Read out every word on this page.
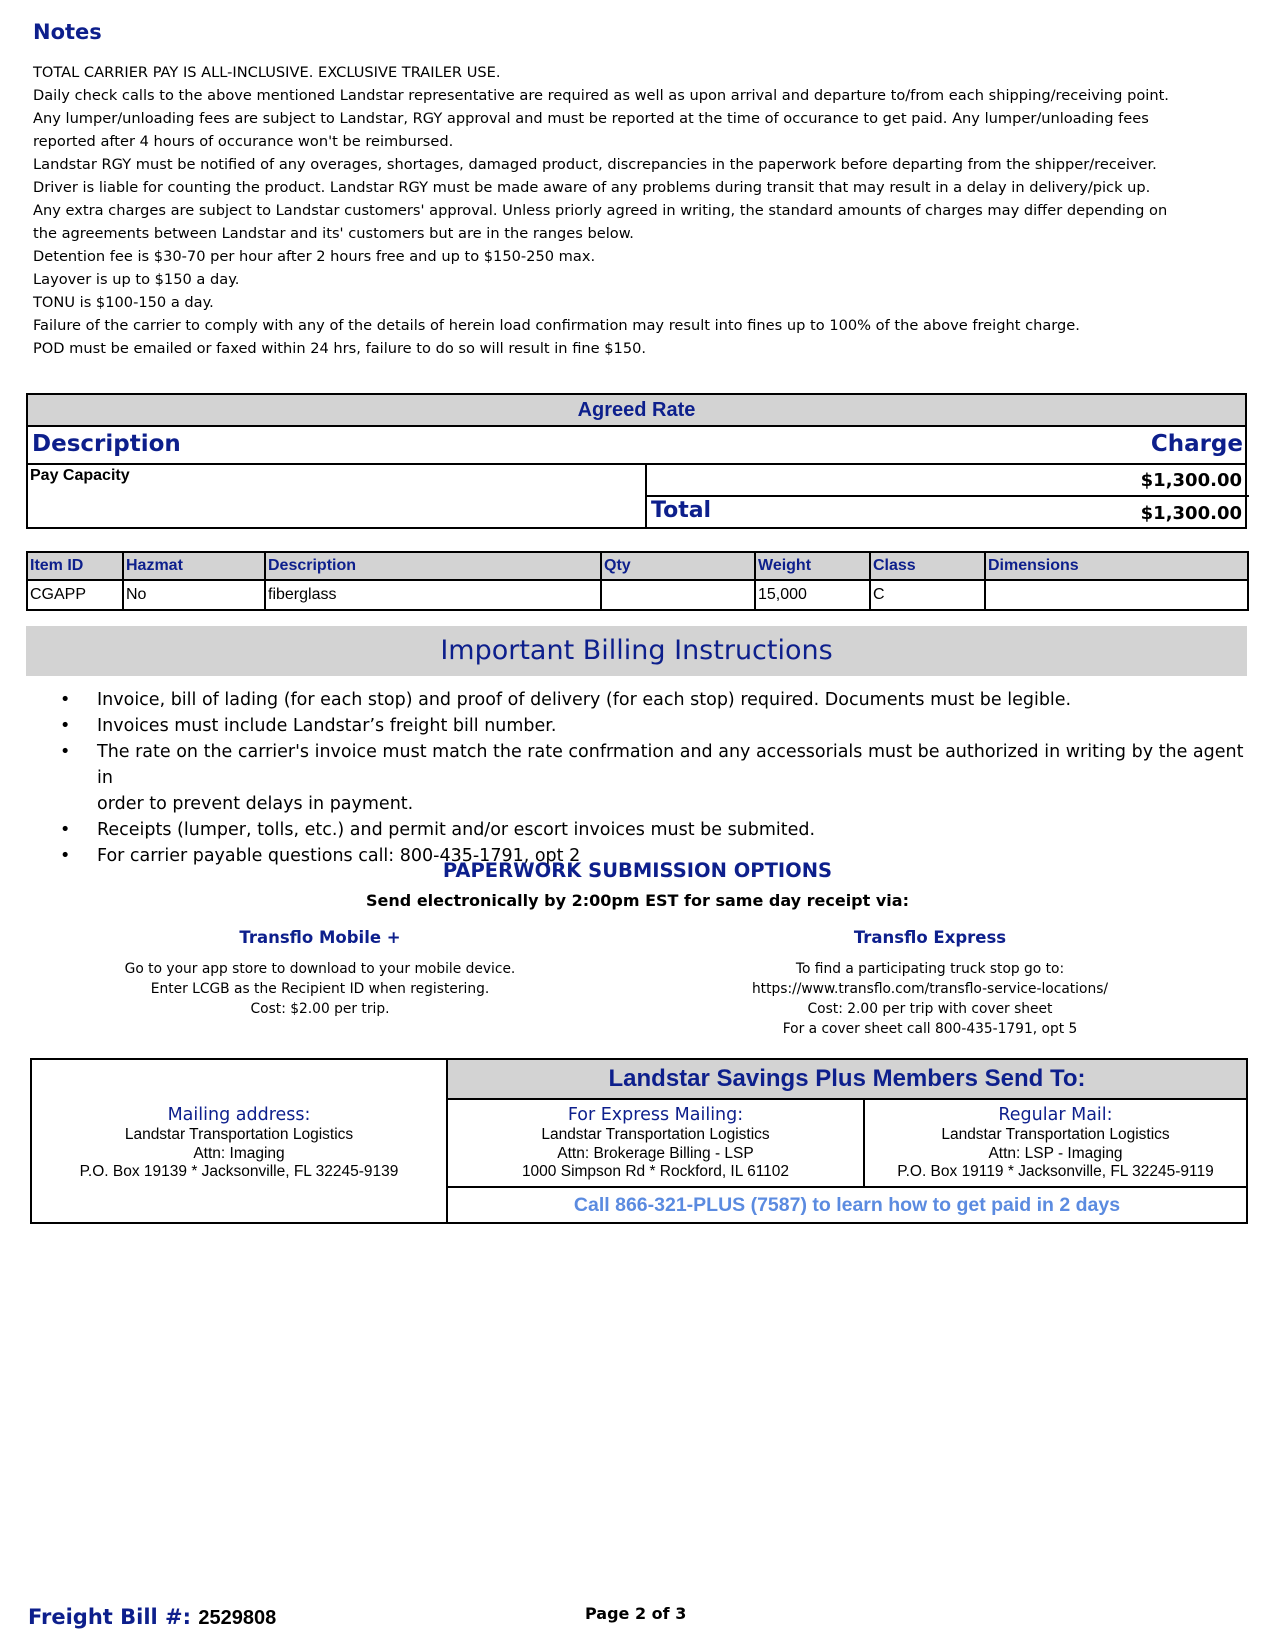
Notes
TOTAL CARRIER PAY IS ALL-INCLUSIVE. EXCLUSIVE TRAILER USE.
Daily check calls to the above mentioned Landstar representative are required as well as upon arrival and departure to/from each shipping/receiving point.
Any lumper/unloading fees are subject to Landstar, RGY approval and must be reported at the time of occurance to get paid. Any lumper/unloading fees
reported after 4 hours of occurance won't be reimbursed.
Landstar RGY must be notified of any overages, shortages, damaged product, discrepancies in the paperwork before departing from the shipper/receiver.
Driver is liable for counting the product. Landstar RGY must be made aware of any problems during transit that may result in a delay in delivery/pick up.
Any extra charges are subject to Landstar customers' approval. Unless priorly agreed in writing, the standard amounts of charges may differ depending on
the agreements between Landstar and its' customers but are in the ranges below.
Detention fee is $30-70 per hour after 2 hours free and up to $150-250 max.
Layover is up to $150 a day.
TONU is $100-150 a day.
Failure of the carrier to comply with any of the details of herein load confirmation may result into fines up to 100% of the above freight charge.
POD must be emailed or faxed within 24 hrs, failure to do so will result in fine $150.
Agreed Rate
Description	Charge
Pay Capacity	$1,300.00
Total	$1,300.00
Item ID	Hazmat	Description	Qty	Weight	Class	Dimensions
CGAPP	No	fiberglass		15,000	C	
Important Billing Instructions
• Invoice, bill of lading (for each stop) and proof of delivery (for each stop) required. Documents must be legible.
• Invoices must include Landstar’s freight bill number.
• The rate on the carrier's invoice must match the rate confrmation and any accessorials must be authorized in writing by the agent in
order to prevent delays in payment.
• Receipts (lumper, tolls, etc.) and permit and/or escort invoices must be submited.
• For carrier payable questions call: 800-435-1791, opt 2
PAPERWORK SUBMISSION OPTIONS
Send electronically by 2:00pm EST for same day receipt via:
Transflo Mobile +
Go to your app store to download to your mobile device.
Enter LCGB as the Recipient ID when registering.
Cost: $2.00 per trip.
Transflo Express
To find a participating truck stop go to:
https://www.transflo.com/transflo-service-locations/
Cost: 2.00 per trip with cover sheet
For a cover sheet call 800-435-1791, opt 5
Mailing address:
Landstar Transportation Logistics
Attn: Imaging
P.O. Box 19139 * Jacksonville, FL 32245-9139
Landstar Savings Plus Members Send To:
For Express Mailing:
Landstar Transportation Logistics
Attn: Brokerage Billing - LSP
1000 Simpson Rd * Rockford, IL 61102
Regular Mail:
Landstar Transportation Logistics
Attn: LSP - Imaging
P.O. Box 19119 * Jacksonville, FL 32245-9119
Call 866-321-PLUS (7587) to learn how to get paid in 2 days
Freight Bill #: 2529808	Page 2 of 3
